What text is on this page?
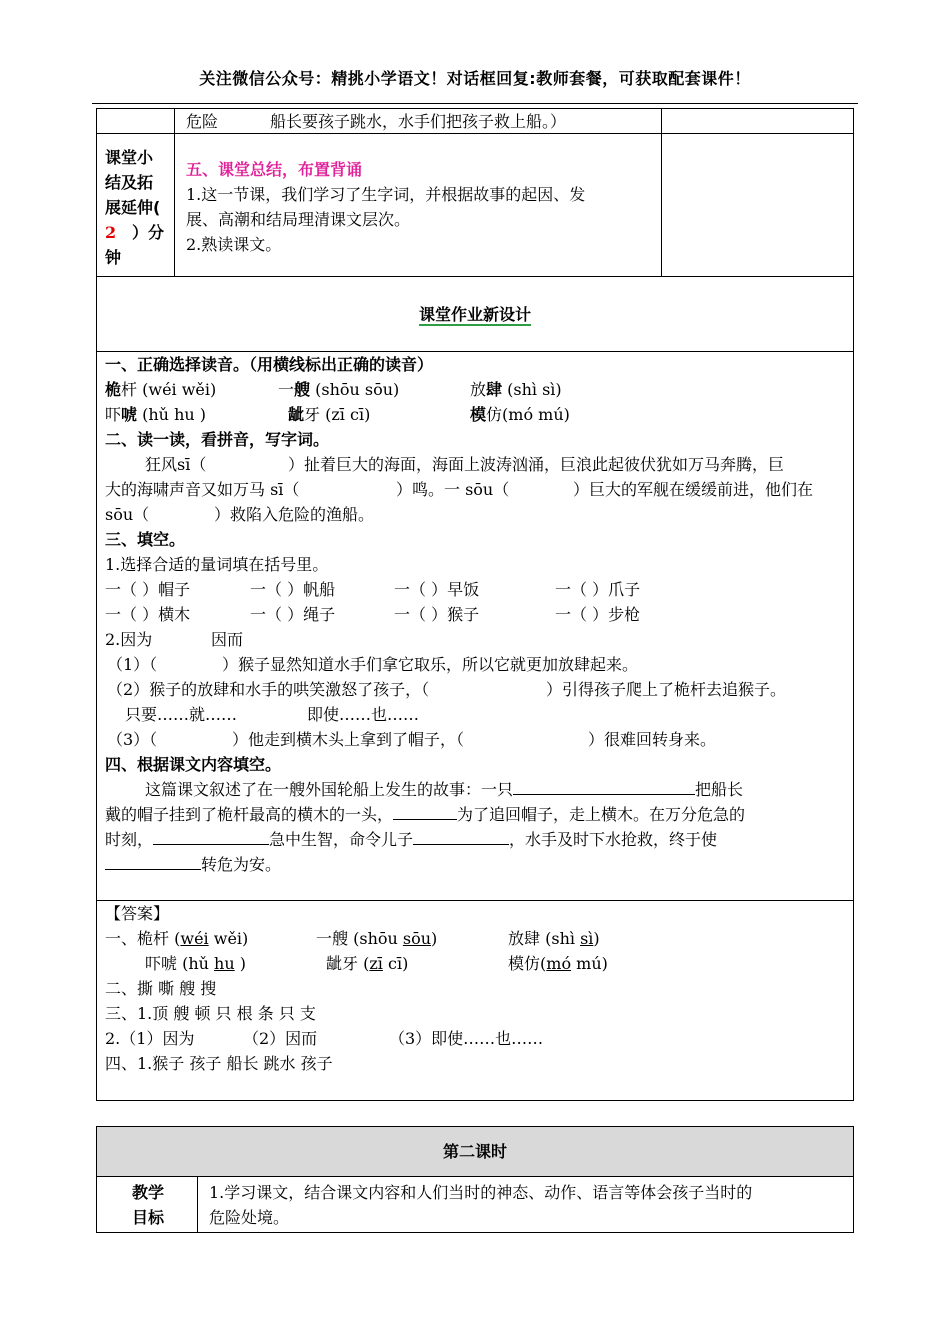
关注微信公众号：精挑小学语文！对话框回复:教师套餐，可获取配套课件！
危险	船长要孩子跳水，水手们把孩子救上船。）
课堂小
结及拓
展延伸(
2 ）分
钟
五、课堂总结，布置背诵
1.这一节课，我们学习了生字词，并根据故事的起因、发
展、高潮和结局理清课文层次。
2.熟读课文。
课堂作业新设计
一、正确选择读音。（用横线标出正确的读音）
桅杆 (wéi wěi)	一艘 (shōu sōu)	放肆 (shì sì)
吓唬 (hǔ hu )	龇牙 (zī cī)	模仿(mó mú)
二、读一读，看拼音，写字词。
狂风sī（	）扯着巨大的海面，海面上波涛汹涌，巨浪此起彼伏犹如万马奔腾，巨
大的海啸声音又如万马 sī（	）鸣。一 sōu（	）巨大的军舰在缓缓前进，他们在
sōu（	）救陷入危险的渔船。
三、填空。
1.选择合适的量词填在括号里。
一（ ）帽子	一（ ）帆船	一（ ）早饭	一（ ）爪子
一（ ）横木	一（ ）绳子	一（ ）猴子	一（ ）步枪
2.因为	因而
（1）（	）猴子显然知道水手们拿它取乐，所以它就更加放肆起来。
（2）猴子的放肆和水手的哄笑激怒了孩子，（	）引得孩子爬上了桅杆去追猴子。
只要……就……	即使……也……
（3）（	）他走到横木头上拿到了帽子，（	）很难回转身来。
四、根据课文内容填空。
这篇课文叙述了在一艘外国轮船上发生的故事：一只	把船长
戴的帽子挂到了桅杆最高的横木的一头，	为了追回帽子，走上横木。在万分危急的
时刻，	急中生智，命令儿子	，水手及时下水抢救，终于使
转危为安。
【答案】
一、桅杆 (wéi wěi)	一艘 (shōu sōu)	放肆 (shì sì)
吓唬 (hǔ hu )	龇牙 (zī cī)	模仿(mó mú)
二、撕 嘶 艘 搜
三、1.顶 艘 顿 只 根 条 只 支
2.（1）因为	（2）因而	（3）即使……也……
四、1.猴子 孩子 船长 跳水 孩子
第二课时
教学
目标
1.学习课文，结合课文内容和人们当时的神态、动作、语言等体会孩子当时的
危险处境。
